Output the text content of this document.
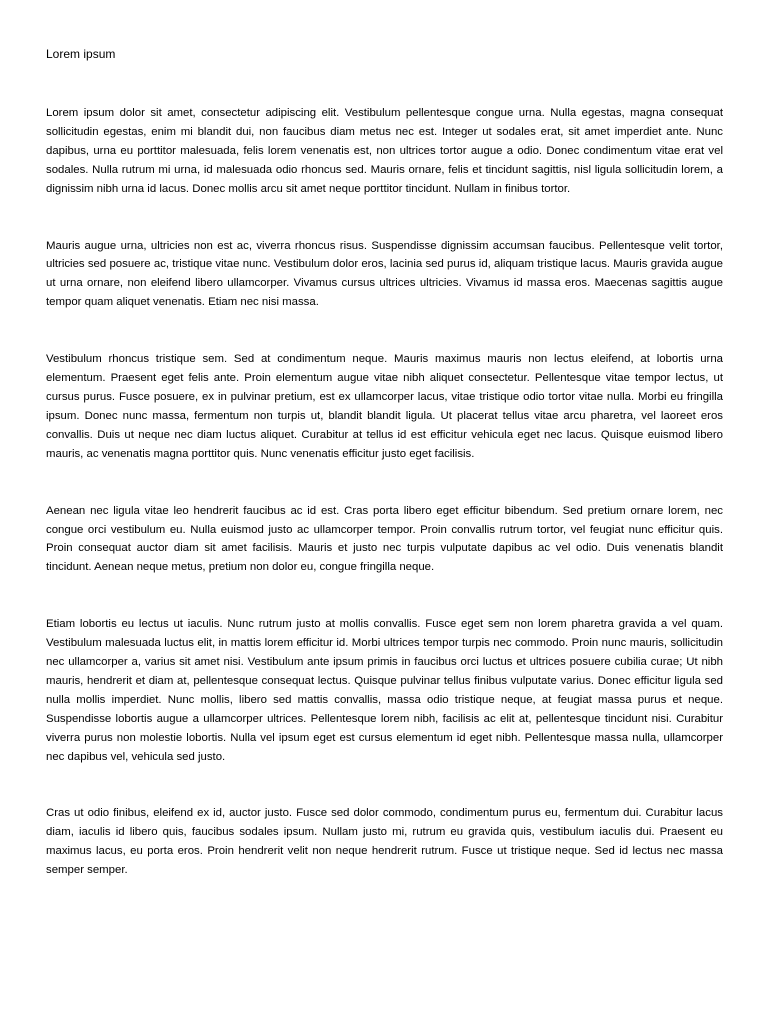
Lorem ipsum

Lorem ipsum dolor sit amet, consectetur adipiscing elit. Vestibulum pellentesque congue urna. Nulla egestas, magna consequat sollicitudin egestas, enim mi blandit dui, non faucibus diam metus nec est. Integer ut sodales erat, sit amet imperdiet ante. Nunc dapibus, urna eu porttitor malesuada, felis lorem venenatis est, non ultrices tortor augue a odio. Donec condimentum vitae erat vel sodales. Nulla rutrum mi urna, id malesuada odio rhoncus sed. Mauris ornare, felis et tincidunt sagittis, nisl ligula sollicitudin lorem, a dignissim nibh urna id lacus. Donec mollis arcu sit amet neque porttitor tincidunt. Nullam in finibus tortor.

Mauris augue urna, ultricies non est ac, viverra rhoncus risus. Suspendisse dignissim accumsan faucibus. Pellentesque velit tortor, ultricies sed posuere ac, tristique vitae nunc. Vestibulum dolor eros, lacinia sed purus id, aliquam tristique lacus. Mauris gravida augue ut urna ornare, non eleifend libero ullamcorper. Vivamus cursus ultrices ultricies. Vivamus id massa eros. Maecenas sagittis augue tempor quam aliquet venenatis. Etiam nec nisi massa.

Vestibulum rhoncus tristique sem. Sed at condimentum neque. Mauris maximus mauris non lectus eleifend, at lobortis urna elementum. Praesent eget felis ante. Proin elementum augue vitae nibh aliquet consectetur. Pellentesque vitae tempor lectus, ut cursus purus. Fusce posuere, ex in pulvinar pretium, est ex ullamcorper lacus, vitae tristique odio tortor vitae nulla. Morbi eu fringilla ipsum. Donec nunc massa, fermentum non turpis ut, blandit blandit ligula. Ut placerat tellus vitae arcu pharetra, vel laoreet eros convallis. Duis ut neque nec diam luctus aliquet. Curabitur at tellus id est efficitur vehicula eget nec lacus. Quisque euismod libero mauris, ac venenatis magna porttitor quis. Nunc venenatis efficitur justo eget facilisis.

Aenean nec ligula vitae leo hendrerit faucibus ac id est. Cras porta libero eget efficitur bibendum. Sed pretium ornare lorem, nec congue orci vestibulum eu. Nulla euismod justo ac ullamcorper tempor. Proin convallis rutrum tortor, vel feugiat nunc efficitur quis. Proin consequat auctor diam sit amet facilisis. Mauris et justo nec turpis vulputate dapibus ac vel odio. Duis venenatis blandit tincidunt. Aenean neque metus, pretium non dolor eu, congue fringilla neque.

Etiam lobortis eu lectus ut iaculis. Nunc rutrum justo at mollis convallis. Fusce eget sem non lorem pharetra gravida a vel quam. Vestibulum malesuada luctus elit, in mattis lorem efficitur id. Morbi ultrices tempor turpis nec commodo. Proin nunc mauris, sollicitudin nec ullamcorper a, varius sit amet nisi. Vestibulum ante ipsum primis in faucibus orci luctus et ultrices posuere cubilia curae; Ut nibh mauris, hendrerit et diam at, pellentesque consequat lectus. Quisque pulvinar tellus finibus vulputate varius. Donec efficitur ligula sed nulla mollis imperdiet. Nunc mollis, libero sed mattis convallis, massa odio tristique neque, at feugiat massa purus et neque. Suspendisse lobortis augue a ullamcorper ultrices. Pellentesque lorem nibh, facilisis ac elit at, pellentesque tincidunt nisi. Curabitur viverra purus non molestie lobortis. Nulla vel ipsum eget est cursus elementum id eget nibh. Pellentesque massa nulla, ullamcorper nec dapibus vel, vehicula sed justo.

Cras ut odio finibus, eleifend ex id, auctor justo. Fusce sed dolor commodo, condimentum purus eu, fermentum dui. Curabitur lacus diam, iaculis id libero quis, faucibus sodales ipsum. Nullam justo mi, rutrum eu gravida quis, vestibulum iaculis dui. Praesent eu maximus lacus, eu porta eros. Proin hendrerit velit non neque hendrerit rutrum. Fusce ut tristique neque. Sed id lectus nec massa semper semper.
